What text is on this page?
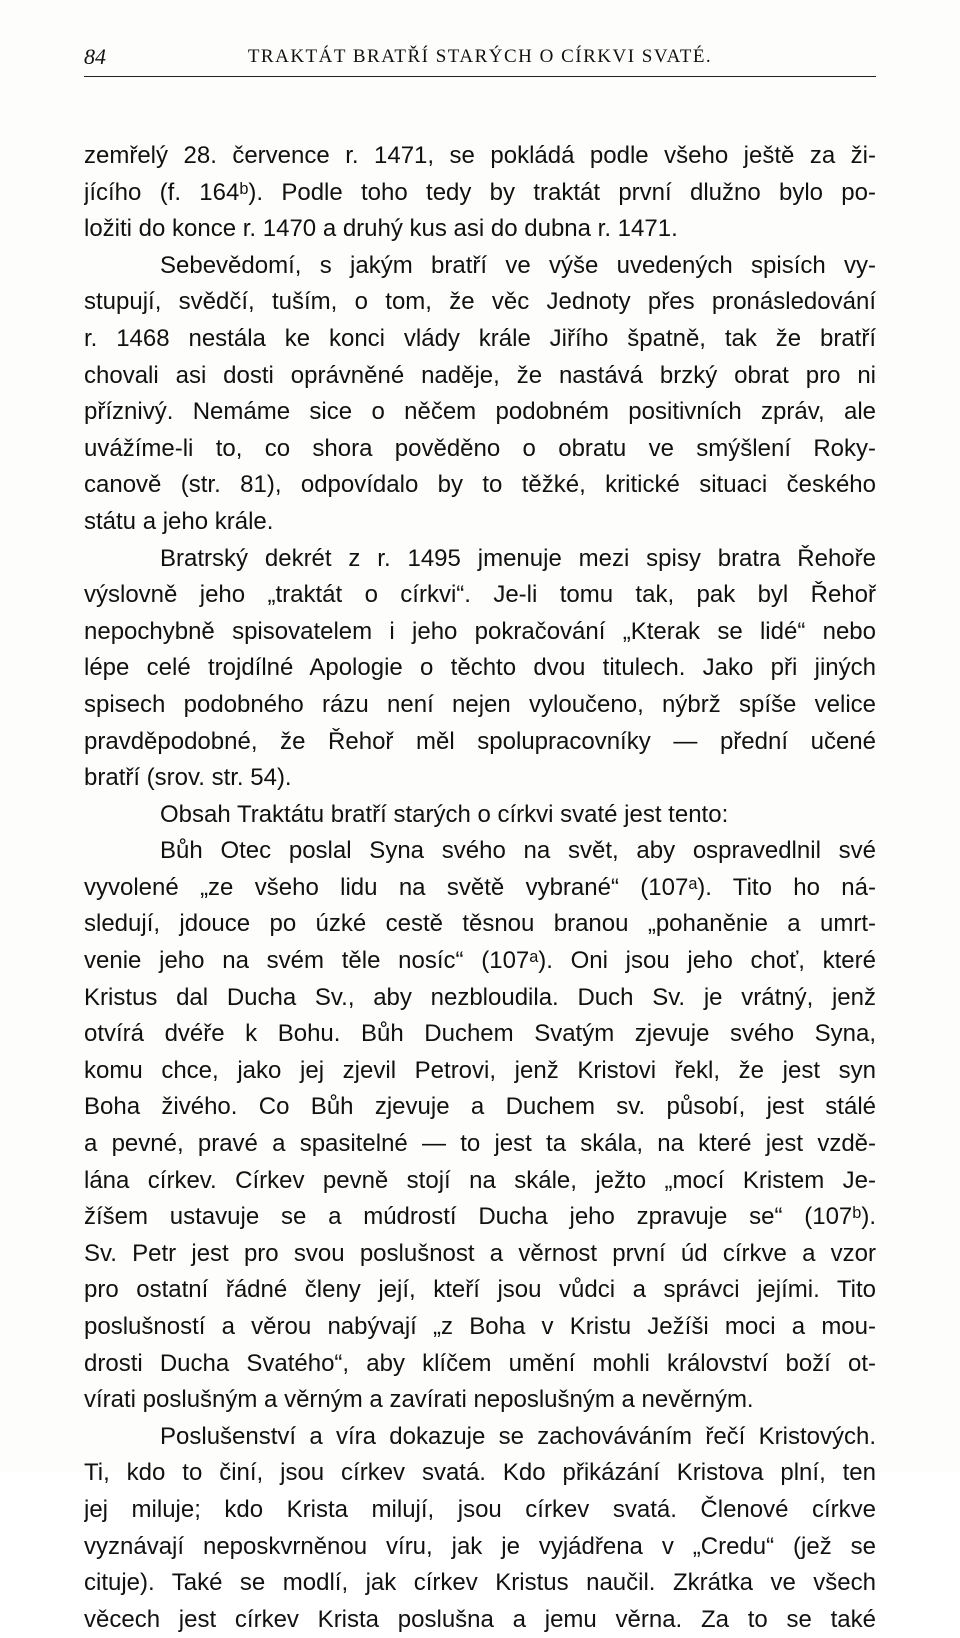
84	TRAKTÁT BRATŘÍ STARÝCH O CÍRKVI SVATÉ.
zemřelý 28. července r. 1471, se pokládá podle všeho ještě za ži-
jícího (f. 164ᵇ). Podle toho tedy by traktát první dlužno bylo po-
ložiti do konce r. 1470 a druhý kus asi do dubna r. 1471.
Sebevědomí, s jakým bratří ve výše uvedených spisích vy-
stupují, svědčí, tuším, o tom, že věc Jednoty přes pronásledování
r. 1468 nestála ke konci vlády krále Jiřího špatně, tak že bratří
chovali asi dosti oprávněné naděje, že nastává brzký obrat pro ni
příznivý. Nemáme sice o něčem podobném positivních zpráv, ale
uvážíme-li to, co shora pověděno o obratu ve smýšlení Roky-
canově (str. 81), odpovídalo by to těžké, kritické situaci českého
státu a jeho krále.
Bratrský dekrét z r. 1495 jmenuje mezi spisy bratra Řehoře
výslovně jeho „traktát o církvi“. Je-li tomu tak, pak byl Řehoř
nepochybně spisovatelem i jeho pokračování „Kterak se lidé“ nebo
lépe celé trojdílné Apologie o těchto dvou titulech. Jako při jiných
spisech podobného rázu není nejen vyloučeno, nýbrž spíše velice
pravděpodobné, že Řehoř měl spolupracovníky — přední učené
bratří (srov. str. 54).
Obsah Traktátu bratří starých o církvi svaté jest tento:
Bůh Otec poslal Syna svého na svět, aby ospravedlnil své
vyvolené „ze všeho lidu na světě vybrané“ (107ᵃ). Tito ho ná-
sledují, jdouce po úzké cestě těsnou branou „pohaněnie a umrt-
venie jeho na svém těle nosíc“ (107ᵃ). Oni jsou jeho choť, které
Kristus dal Ducha Sv., aby nezbloudila. Duch Sv. je vrátný, jenž
otvírá dvéře k Bohu. Bůh Duchem Svatým zjevuje svého Syna,
komu chce, jako jej zjevil Petrovi, jenž Kristovi řekl, že jest syn
Boha živého. Co Bůh zjevuje a Duchem sv. působí, jest stálé
a pevné, pravé a spasitelné — to jest ta skála, na které jest vzdě-
lána církev. Církev pevně stojí na skále, ježto „mocí Kristem Je-
žíšem ustavuje se a múdrostí Ducha jeho zpravuje se“ (107ᵇ).
Sv. Petr jest pro svou poslušnost a věrnost první úd církve a vzor
pro ostatní řádné členy její, kteří jsou vůdci a správci jejími. Tito
poslušností a věrou nabývají „z Boha v Kristu Ježíši moci a mou-
drosti Ducha Svatého“, aby klíčem umění mohli království boží ot-
vírati poslušným a věrným a zavírati neposlušným a nevěrným.
Poslušenství a víra dokazuje se zachováváním řečí Kristových.
Ti, kdo to činí, jsou církev svatá. Kdo přikázání Kristova plní, ten
jej miluje; kdo Krista milují, jsou církev svatá. Členové církve
vyznávají neposkvrněnou víru, jak je vyjádřena v „Credu“ (jež se
cituje). Také se modlí, jak církev Kristus naučil. Zkrátka ve všech
věcech jest církev Krista poslušna a jemu věrna. Za to se také
